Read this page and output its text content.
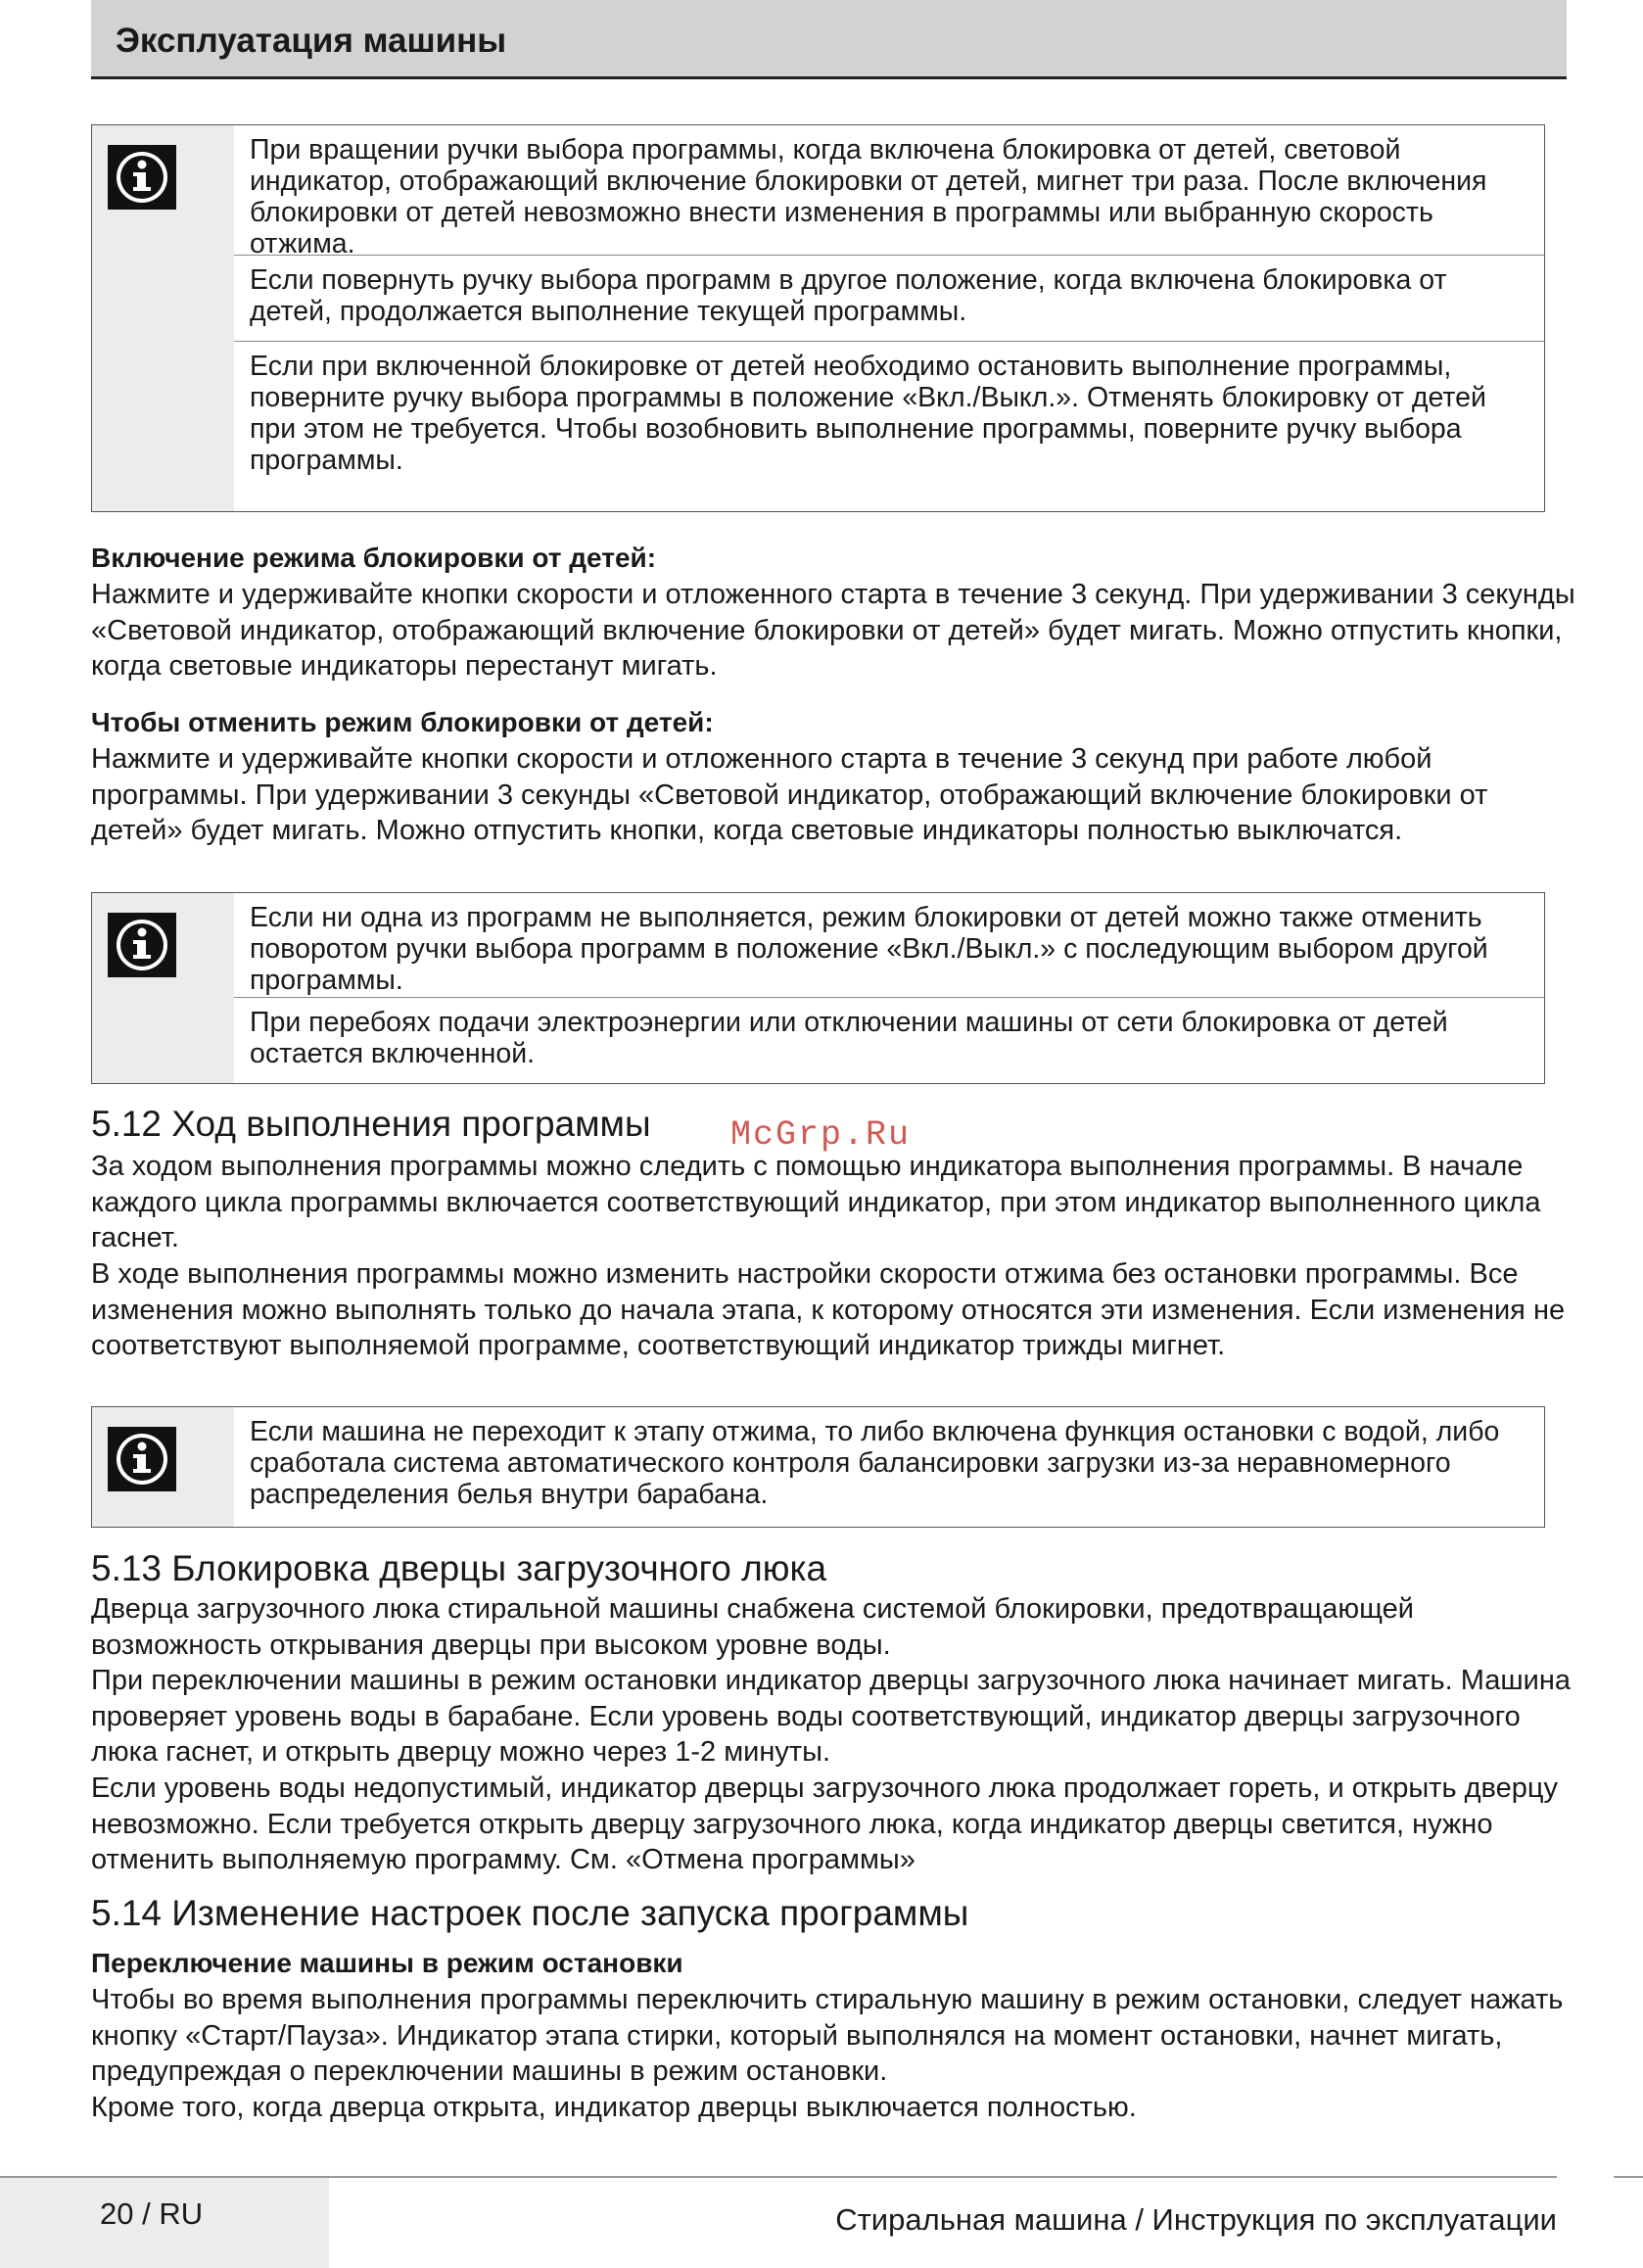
Эксплуатация машины
При вращении ручки выбора программы, когда включена блокировка от детей, световой индикатор, отображающий включение блокировки от детей, мигнет три раза. После включения блокировки от детей невозможно внести изменения в программы или выбранную скорость отжима.
Если повернуть ручку выбора программ в другое положение, когда включена блокировка от детей, продолжается выполнение текущей программы.
Если при включенной блокировке от детей необходимо остановить выполнение программы, поверните ручку выбора программы в положение «Вкл./Выкл.». Отменять блокировку от детей при этом не требуется. Чтобы возобновить выполнение программы, поверните ручку выбора программы.
Включение режима блокировки от детей:
Нажмите и удерживайте кнопки скорости и отложенного старта в течение 3 секунд. При удерживании 3 секунды «Световой индикатор, отображающий включение блокировки от детей» будет мигать. Можно отпустить кнопки, когда световые индикаторы перестанут мигать.
Чтобы отменить режим блокировки от детей:
Нажмите и удерживайте кнопки скорости и отложенного старта в течение 3 секунд при работе любой программы. При удерживании 3 секунды «Световой индикатор, отображающий включение блокировки от детей» будет мигать. Можно отпустить кнопки, когда световые индикаторы полностью выключатся.
Если ни одна из программ не выполняется, режим блокировки от детей можно также отменить поворотом ручки выбора программ в положение «Вкл./Выкл.» с последующим выбором другой программы.
При перебоях подачи электроэнергии или отключении машины от сети блокировка от детей остается включенной.
5.12 Ход выполнения программы McGrp.Ru
За ходом выполнения программы можно следить с помощью индикатора выполнения программы. В начале каждого цикла программы включается соответствующий индикатор, при этом индикатор выполненного цикла гаснет.
В ходе выполнения программы можно изменить настройки скорости отжима без остановки программы. Все изменения можно выполнять только до начала этапа, к которому относятся эти изменения. Если изменения не соответствуют выполняемой программе, соответствующий индикатор трижды мигнет.
Если машина не переходит к этапу отжима, то либо включена функция остановки с водой, либо сработала система автоматического контроля балансировки загрузки из-за неравномерного распределения белья внутри барабана.
5.13 Блокировка дверцы загрузочного люка
Дверца загрузочного люка стиральной машины снабжена системой блокировки, предотвращающей возможность открывания дверцы при высоком уровне воды.
При переключении машины в режим остановки индикатор дверцы загрузочного люка начинает мигать. Машина проверяет уровень воды в барабане. Если уровень воды соответствующий, индикатор дверцы загрузочного люка гаснет, и открыть дверцу можно через 1-2 минуты.
Если уровень воды недопустимый, индикатор дверцы загрузочного люка продолжает гореть, и открыть дверцу невозможно. Если требуется открыть дверцу загрузочного люка, когда индикатор дверцы светится, нужно отменить выполняемую программу. См. «Отмена программы»
5.14 Изменение настроек после запуска программы
Переключение машины в режим остановки
Чтобы во время выполнения программы переключить стиральную машину в режим остановки, следует нажать кнопку «Старт/Пауза». Индикатор этапа стирки, который выполнялся на момент остановки, начнет мигать, предупреждая о переключении машины в режим остановки.
Кроме того, когда дверца открыта, индикатор дверцы выключается полностью.
20 / RU	Стиральная машина / Инструкция по эксплуатации
